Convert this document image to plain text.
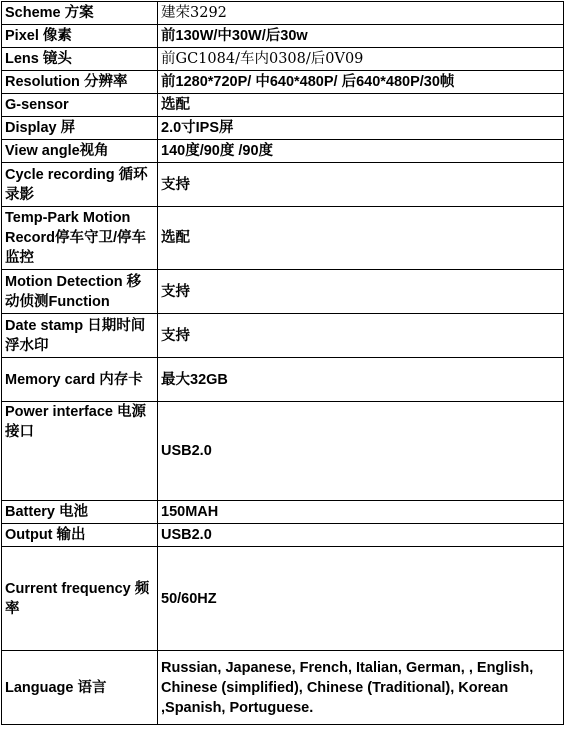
Scheme 方案	建荣3292
Pixel 像素	前130W/中30W/后30w
Lens 镜头	前GC1084/车内0308/后0V09
Resolution 分辨率	前1280*720P/ 中640*480P/ 后640*480P/30帧
G-sensor	选配
Display 屏	2.0寸IPS屏
View angle视角	140度/90度 /90度
Cycle recording 循环录影	支持
Temp-Park Motion Record停车守卫/停车监控	选配
Motion Detection 移动侦测Function	支持
Date stamp 日期时间浮水印	支持
Memory card 内存卡	最大32GB
Power interface 电源接口	USB2.0
Battery 电池	150MAH
Output 输出	USB2.0
Current frequency 频率	50/60HZ
Language 语言	Russian, Japanese, French, Italian, German, , English, Chinese (simplified), Chinese (Traditional), Korean ,Spanish, Portuguese.
